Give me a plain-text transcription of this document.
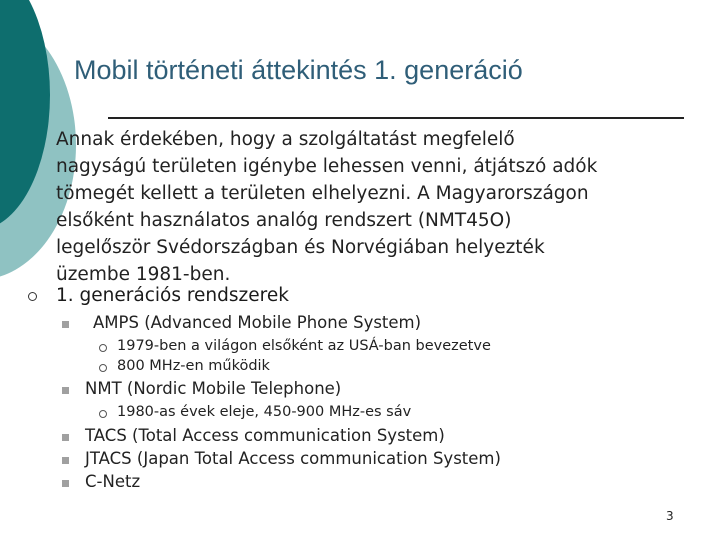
Mobil történeti áttekintés 1. generáció
Annak érdekében, hogy a szolgáltatást megfelelő
nagyságú területen igénybe lehessen venni, átjátszó adók
tömegét kellett a területen elhelyezni. A Magyarországon
elsőként használatos analóg rendszert (NMT45O)
legelőször Svédországban és Norvégiában helyezték
üzembe 1981-ben.
1. generációs rendszerek
AMPS (Advanced Mobile Phone System)
1979-ben a világon elsőként az USÁ-ban bevezetve
800 MHz-en működik
NMT (Nordic Mobile Telephone)
1980-as évek eleje, 450-900 MHz-es sáv
TACS (Total Access communication System)
JTACS (Japan Total Access communication System)
C-Netz
3
